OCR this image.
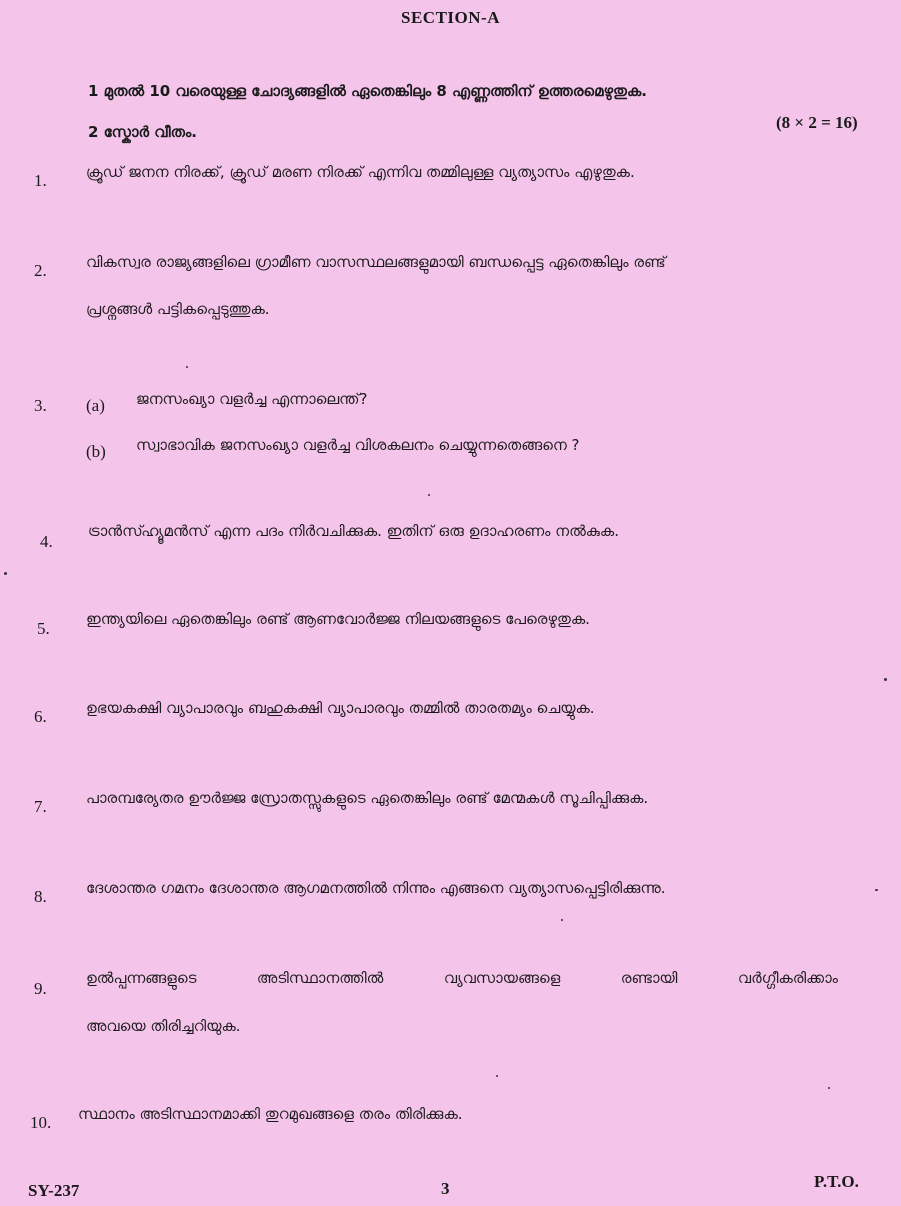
SECTION-A
1 മുതൽ 10 വരെയുള്ള ചോദ്യങ്ങളിൽ ഏതെങ്കിലും 8 എണ്ണത്തിന് ഉത്തരമെഴുതുക.
2 സ്കോർ വീതം.	(8 × 2 = 16)
1.	ക്രൂഡ് ജനന നിരക്ക്, ക്രൂഡ് മരണ നിരക്ക് എന്നിവ തമ്മിലുള്ള വ്യത്യാസം എഴുതുക.
2.	വികസ്വര രാജ്യങ്ങളിലെ ഗ്രാമീണ വാസസ്ഥലങ്ങളുമായി ബന്ധപ്പെട്ട ഏതെങ്കിലും രണ്ട്
പ്രശ്നങ്ങൾ പട്ടികപ്പെടുത്തുക.
3. (a) ജനസംഖ്യാ വളർച്ച എന്നാലെന്ത്?
(b) സ്വാഭാവിക ജനസംഖ്യാ വളർച്ച വിശകലനം ചെയ്യുന്നതെങ്ങനെ ?
4.
ട്രാൻസ്ഹ്യൂമൻസ് എന്ന പദം നിർവചിക്കുക. ഇതിന് ഒരു ഉദാഹരണം നൽകുക.
5. ഇന്ത്യയിലെ ഏതെങ്കിലും രണ്ട് ആണവോർജ്ജ നിലയങ്ങളുടെ പേരെഴുതുക.
6.	ഉഭയകക്ഷി വ്യാപാരവും ബഹുകക്ഷി വ്യാപാരവും തമ്മിൽ താരതമ്യം ചെയ്യുക.
7.	പാരമ്പര്യേതര ഊർജ്ജ സ്രോതസ്സുകളുടെ ഏതെങ്കിലും രണ്ട് മേന്മകൾ സൂചിപ്പിക്കുക.
8.	ദേശാന്തര ഗമനം ദേശാന്തര ആഗമനത്തിൽ നിന്നും എങ്ങനെ വ്യത്യാസപ്പെട്ടിരിക്കുന്നു.
9.
ഉൽപ്പന്നങ്ങളുടെ	അടിസ്ഥാനത്തിൽ	വ്യവസായങ്ങളെ	രണ്ടായി	വർഗ്ഗീകരിക്കാം
അവയെ തിരിച്ചറിയുക.
10. സ്ഥാനം അടിസ്ഥാനമാക്കി തുറമുഖങ്ങളെ തരം തിരിക്കുക.
SY-237	3	P.T.O.
